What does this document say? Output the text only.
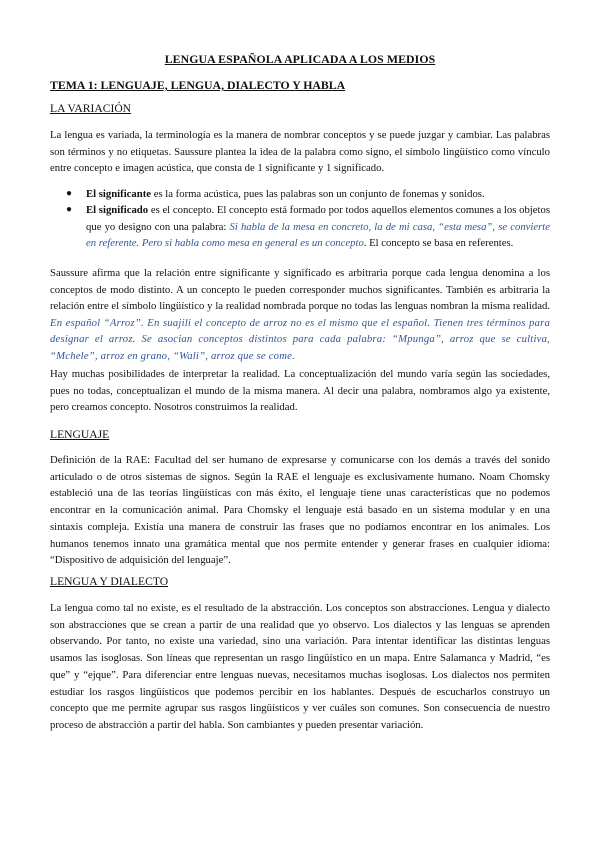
LENGUA ESPAÑOLA APLICADA A LOS MEDIOS
TEMA 1: LENGUAJE, LENGUA, DIALECTO Y HABLA
LA VARIACIÓN
La lengua es variada, la terminología es la manera de nombrar conceptos y se puede juzgar y cambiar. Las palabras son términos y no etiquetas. Saussure plantea la idea de la palabra como signo, el símbolo lingüístico como vínculo entre concepto e imagen acústica, que consta de 1 significante y 1 significado.
● El significante es la forma acústica, pues las palabras son un conjunto de fonemas y sonidos.
● El significado es el concepto. El concepto está formado por todos aquellos elementos comunes a los objetos que yo designo con una palabra: Si habla de la mesa en concreto, la de mi casa, “esta mesa”, se convierte en referente. Pero si habla como mesa en general es un concepto. El concepto se basa en referentes.
Saussure afirma que la relación entre significante y significado es arbitraria porque cada lengua denomina a los conceptos de modo distinto. A un concepto le pueden corresponder muchos significantes. También es arbitraria la relación entre el símbolo lingüístico y la realidad nombrada porque no todas las lenguas nombran la misma realidad. En español “Arroz”. En suajili el concepto de arroz no es el mismo que el español. Tienen tres términos para designar el arroz. Se asocian conceptos distintos para cada palabra: “Mpunga”, arroz que se cultiva, “Mchele”, arroz en grano, “Wali”, arroz que se come.
Hay muchas posibilidades de interpretar la realidad. La conceptualización del mundo varía según las sociedades, pues no todas, conceptualizan el mundo de la misma manera. Al decir una palabra, nombramos algo ya existente, pero creamos concepto. Nosotros construimos la realidad.
LENGUAJE
Definición de la RAE: Facultad del ser humano de expresarse y comunicarse con los demás a través del sonido articulado o de otros sistemas de signos. Según la RAE el lenguaje es exclusivamente humano. Noam Chomsky estableció una de las teorías lingüísticas con más éxito, el lenguaje tiene unas características que no podemos encontrar en la comunicación animal. Para Chomsky el lenguaje está basado en un sistema modular y en una sintaxis compleja. Existía una manera de construir las frases que no podíamos encontrar en los animales. Los humanos tenemos innato una gramática mental que nos permite entender y generar frases en cualquier idioma: “Dispositivo de adquisición del lenguaje”.
LENGUA Y DIALECTO
La lengua como tal no existe, es el resultado de la abstracción. Los conceptos son abstracciones. Lengua y dialecto son abstracciones que se crean a partir de una realidad que yo observo. Los dialectos y las lenguas se aprenden observando. Por tanto, no existe una variedad, sino una variación. Para intentar identificar las distintas lenguas usamos las isoglosas. Son líneas que representan un rasgo lingüístico en un mapa. Entre Salamanca y Madrid, “es que” y “ejque”. Para diferenciar entre lenguas nuevas, necesitamos muchas isoglosas. Los dialectos nos permiten estudiar los rasgos lingüísticos que podemos percibir en los hablantes. Después de escucharlos construyo un concepto que me permite agrupar sus rasgos lingüísticos y ver cuáles son comunes. Son consecuencia de nuestro proceso de abstracción a partir del habla. Son cambiantes y pueden presentar variación.
